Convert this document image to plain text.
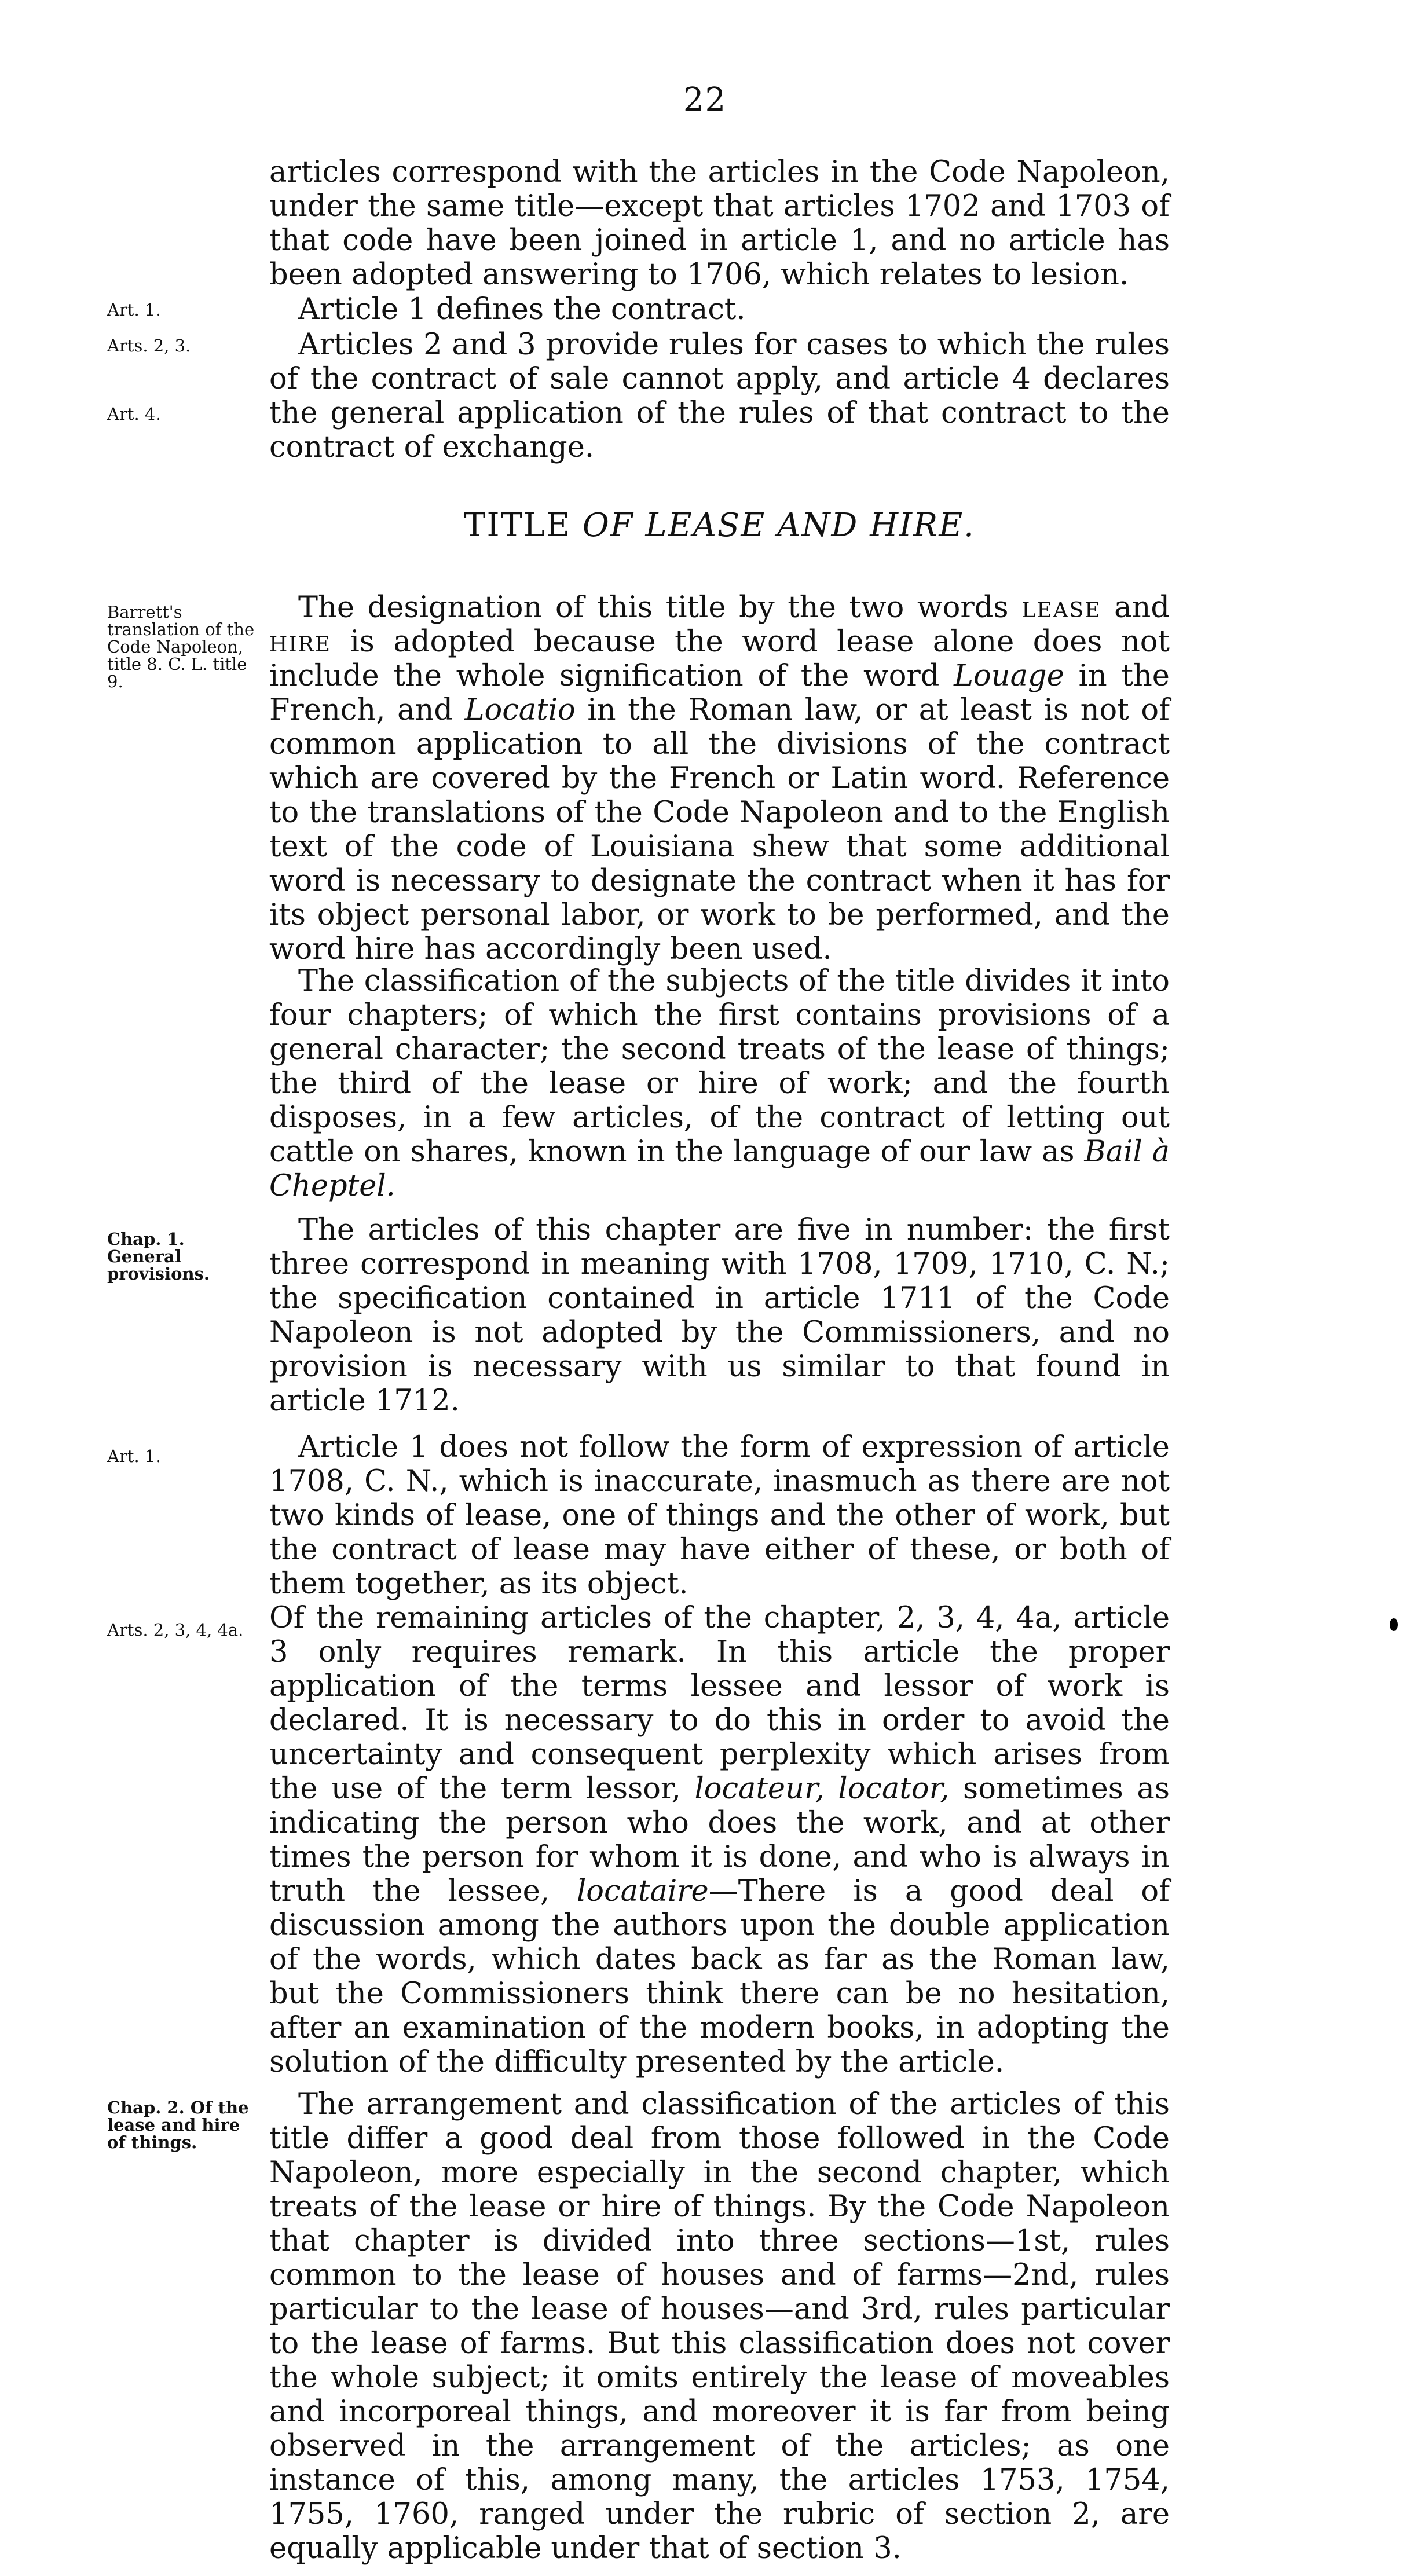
22
articles correspond with the articles in the Code Napoleon, under the same title—except that articles 1702 and 1703 of that code have been joined in article 1, and no article has been adopted answering to 1706, which relates to lesion.
Art. 1.	Article 1 defines the contract.
Arts. 2, 3.
Art. 4.
Articles 2 and 3 provide rules for cases to which the rules of the contract of sale cannot apply, and article 4 declares the general application of the rules of that contract to the contract of exchange.
TITLE OF LEASE AND HIRE.
Barrett's translation of the Code Napoleon, title 8. C. L. title 9.
The designation of this title by the two words lease and hire is adopted because the word lease alone does not include the whole signification of the word Louage in the French, and Locatio in the Roman law, or at least is not of common application to all the divisions of the contract which are covered by the French or Latin word. Reference to the translations of the Code Napoleon and to the English text of the code of Louisiana shew that some additional word is necessary to designate the contract when it has for its object personal labor, or work to be performed, and the word hire has accordingly been used.
The classification of the subjects of the title divides it into four chapters; of which the first contains provisions of a general character; the second treats of the lease of things; the third of the lease or hire of work; and the fourth disposes, in a few articles, of the contract of letting out cattle on shares, known in the language of our law as Bail à Cheptel.
Chap. 1. General provisions.
The articles of this chapter are five in number: the first three correspond in meaning with 1708, 1709, 1710, C. N.; the specification contained in article 1711 of the Code Napoleon is not adopted by the Commissioners, and no provision is necessary with us similar to that found in article 1712.
Art. 1.	Article 1 does not follow the form of expression of article 1708, C. N., which is inaccurate, inasmuch as there are not two kinds of lease, one of things and the other of work, but the contract of lease may have either of these, or both of them together, as its object.
Arts. 2, 3, 4, 4a. Of the remaining articles of the chapter, 2, 3, 4, 4a, article 3 only requires remark. In this article the proper application of the terms lessee and lessor of work is declared. It is necessary to do this in order to avoid the uncertainty and consequent perplexity which arises from the use of the term lessor, locateur, locator, sometimes as indicating the person who does the work, and at other times the person for whom it is done, and who is always in truth the lessee, locataire—There is a good deal of discussion among the authors upon the double application of the words, which dates back as far as the Roman law, but the Commissioners think there can be no hesitation, after an examination of the modern books, in adopting the solution of the difficulty presented by the article.
Chap. 2. Of the lease and hire of things.
The arrangement and classification of the articles of this title differ a good deal from those followed in the Code Napoleon, more especially in the second chapter, which treats of the lease or hire of things. By the Code Napoleon that chapter is divided into three sections—1st, rules common to the lease of houses and of farms—2nd, rules particular to the lease of houses—and 3rd, rules particular to the lease of farms. But this classification does not cover the whole subject; it omits entirely the lease of moveables and incorporeal things, and moreover it is far from being observed in the arrangement of the articles; as one instance of this, among many, the articles 1753, 1754, 1755, 1760, ranged under the rubric of section 2, are equally applicable under that of section 3.
